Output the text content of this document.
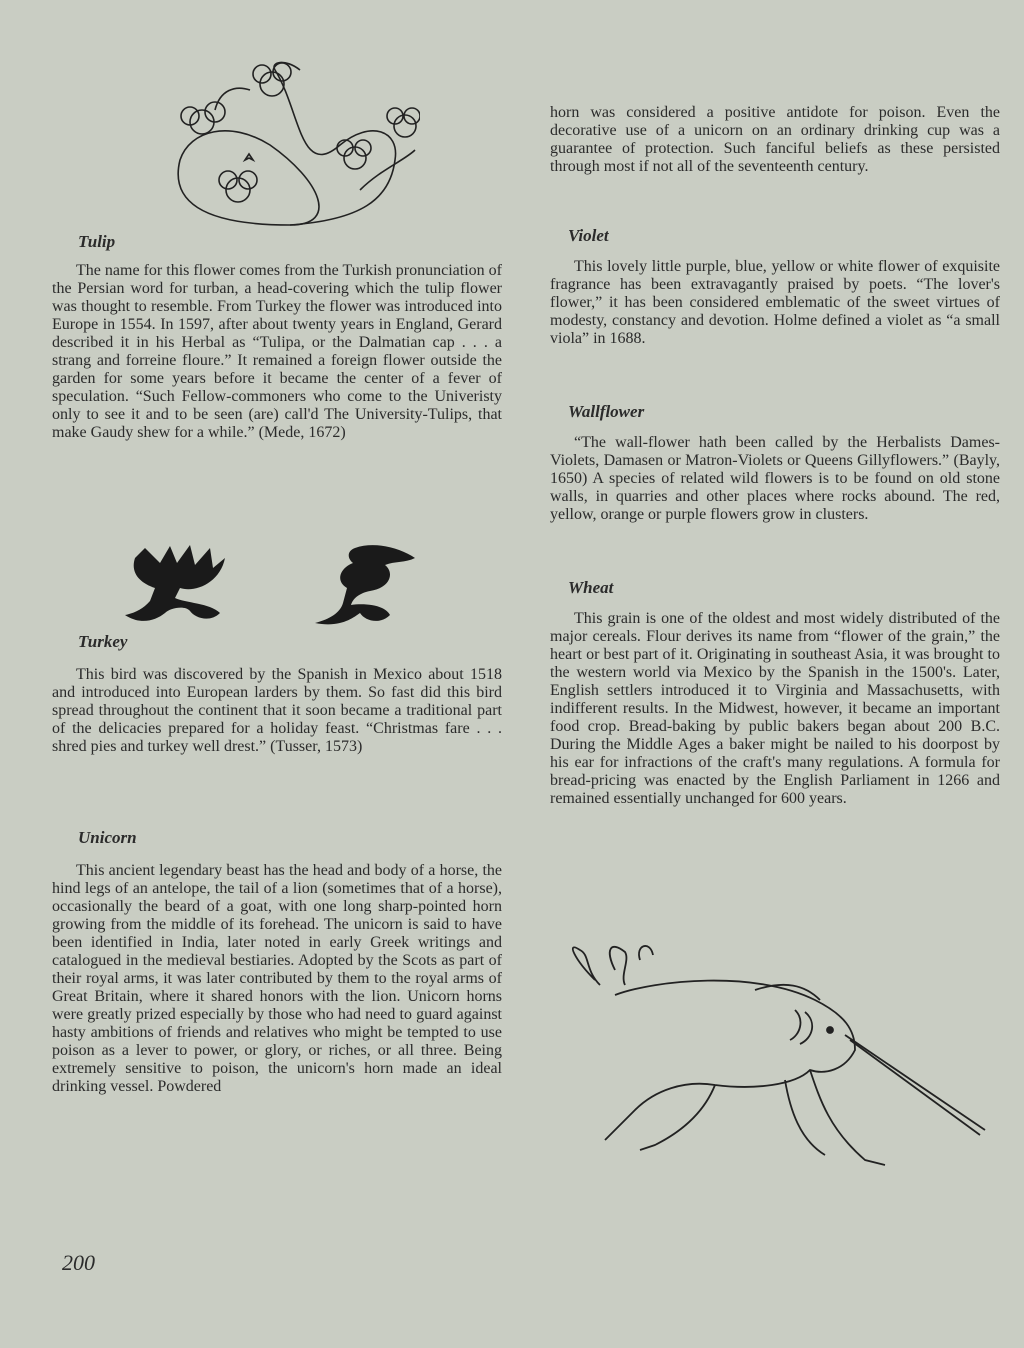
Tulip

The name for this flower comes from the Turkish pronunciation of the Persian word for turban, a head-covering which the tulip flower was thought to resemble. From Turkey the flower was introduced into Europe in 1554. In 1597, after about twenty years in England, Gerard described it in his Herbal as “Tulipa, or the Dalmatian cap . . . a strang and forreine floure.” It remained a foreign flower outside the garden for some years before it became the center of a fever of speculation. “Such Fellow-commoners who come to the Univeristy only to see it and to be seen (are) call'd The University-Tulips, that make Gaudy shew for a while.” (Mede, 1672)

Turkey

This bird was discovered by the Spanish in Mexico about 1518 and introduced into European larders by them. So fast did this bird spread throughout the continent that it soon became a traditional part of the delicacies prepared for a holiday feast. “Christmas fare . . . shred pies and turkey well drest.” (Tusser, 1573)

Unicorn

This ancient legendary beast has the head and body of a horse, the hind legs of an antelope, the tail of a lion (sometimes that of a horse), occasionally the beard of a goat, with one long sharp-pointed horn growing from the middle of its forehead. The unicorn is said to have been identified in India, later noted in early Greek writings and catalogued in the medieval bestiaries. Adopted by the Scots as part of their royal arms, it was later contributed by them to the royal arms of Great Britain, where it shared honors with the lion. Unicorn horns were greatly prized especially by those who had need to guard against hasty ambitions of friends and relatives who might be tempted to use poison as a lever to power, or glory, or riches, or all three. Being extremely sensitive to poison, the unicorn's horn made an ideal drinking vessel. Powdered

horn was considered a positive antidote for poison. Even the decorative use of a unicorn on an ordinary drinking cup was a guarantee of protection. Such fanciful beliefs as these persisted through most if not all of the seventeenth century.

Violet

This lovely little purple, blue, yellow or white flower of exquisite fragrance has been extravagantly praised by poets. “The lover's flower,” it has been considered emblematic of the sweet virtues of modesty, constancy and devotion. Holme defined a violet as “a small viola” in 1688.

Wallflower

“The wall-flower hath been called by the Herbalists Dames-Violets, Damasen or Matron-Violets or Queens Gillyflowers.” (Bayly, 1650) A species of related wild flowers is to be found on old stone walls, in quarries and other places where rocks abound. The red, yellow, orange or purple flowers grow in clusters.

Wheat

This grain is one of the oldest and most widely distributed of the major cereals. Flour derives its name from “flower of the grain,” the heart or best part of it. Originating in southeast Asia, it was brought to the western world via Mexico by the Spanish in the 1500's. Later, English settlers introduced it to Virginia and Massachusetts, with indifferent results. In the Midwest, however, it became an important food crop. Bread-baking by public bakers began about 200 B.C. During the Middle Ages a baker might be nailed to his doorpost by his ear for infractions of the craft's many regulations. A formula for bread-pricing was enacted by the English Parliament in 1266 and remained essentially unchanged for 600 years.

200
